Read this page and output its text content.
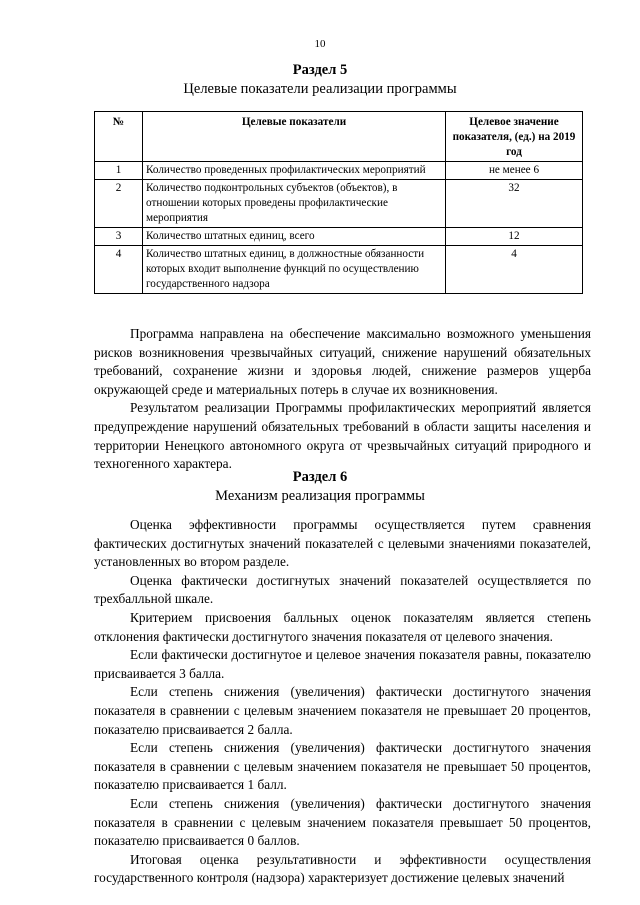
10
Раздел 5
Целевые показатели реализации программы
№	Целевые показатели	Целевое значение показателя, (ед.) на 2019 год
1	Количество проведенных профилактических мероприятий	не менее 6
2	Количество подконтрольных субъектов (объектов), в отношении которых проведены профилактические мероприятия	32
3	Количество штатных единиц, всего	12
4	Количество штатных единиц, в должностные обязанности которых входит выполнение функций по осуществлению государственного надзора	4

Программа направлена на обеспечение максимально возможного уменьшения рисков возникновения чрезвычайных ситуаций, снижение нарушений обязательных требований, сохранение жизни и здоровья людей, снижение размеров ущерба окружающей среде и материальных потерь в случае их возникновения.

Результатом реализации Программы профилактических мероприятий является предупреждение нарушений обязательных требований в области защиты населения и территории Ненецкого автономного округа от чрезвычайных ситуаций природного и техногенного характера.

Раздел 6
Механизм реализация программы

Оценка эффективности программы осуществляется путем сравнения фактических достигнутых значений показателей с целевыми значениями показателей, установленных во втором разделе.

Оценка фактически достигнутых значений показателей осуществляется по трехбалльной шкале.

Критерием присвоения балльных оценок показателям является степень отклонения фактически достигнутого значения показателя от целевого значения.

Если фактически достигнутое и целевое значения показателя равны, показателю присваивается 3 балла.

Если степень снижения (увеличения) фактически достигнутого значения показателя в сравнении с целевым значением показателя не превышает 20 процентов, показателю присваивается 2 балла.

Если степень снижения (увеличения) фактически достигнутого значения показателя в сравнении с целевым значением показателя не превышает 50 процентов, показателю присваивается 1 балл.

Если степень снижения (увеличения) фактически достигнутого значения показателя в сравнении с целевым значением показателя превышает 50 процентов, показателю присваивается 0 баллов.

Итоговая оценка результативности и эффективности осуществления государственного контроля (надзора) характеризует достижение целевых значений
